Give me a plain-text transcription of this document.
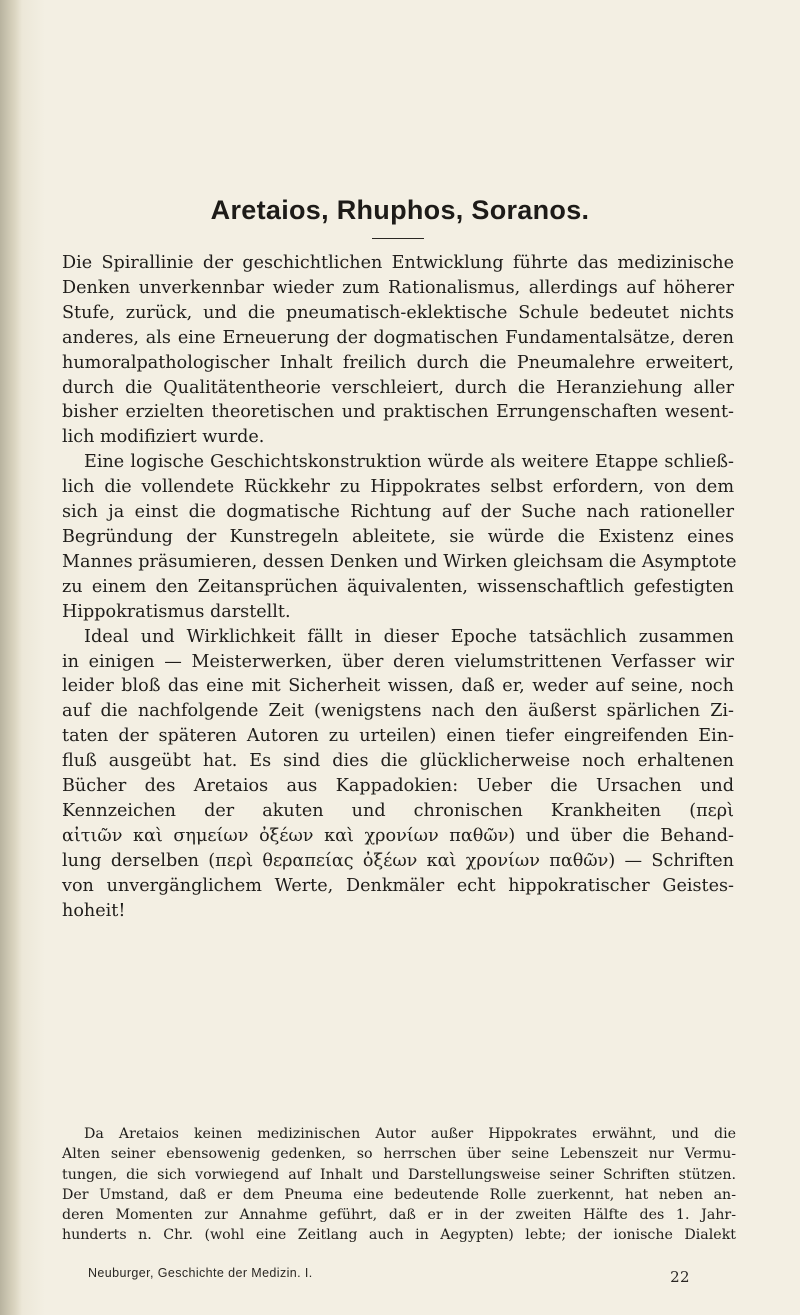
Aretaios, Rhuphos, Soranos.
Die Spirallinie der geschichtlichen Entwicklung führte das medizinische
Denken unverkennbar wieder zum Rationalismus, allerdings auf höherer
Stufe, zurück, und die pneumatisch-eklektische Schule bedeutet nichts
anderes, als eine Erneuerung der dogmatischen Fundamentalsätze, deren
humoralpathologischer Inhalt freilich durch die Pneumalehre erweitert,
durch die Qualitätentheorie verschleiert, durch die Heranziehung aller
bisher erzielten theoretischen und praktischen Errungenschaften wesent-
lich modifiziert wurde.
Eine logische Geschichtskonstruktion würde als weitere Etappe schließ-
lich die vollendete Rückkehr zu Hippokrates selbst erfordern, von dem
sich ja einst die dogmatische Richtung auf der Suche nach rationeller
Begründung der Kunstregeln ableitete, sie würde die Existenz eines
Mannes präsumieren, dessen Denken und Wirken gleichsam die Asymptote
zu einem den Zeitansprüchen äquivalenten, wissenschaftlich gefestigten
Hippokratismus darstellt.
Ideal und Wirklichkeit fällt in dieser Epoche tatsächlich zusammen
in einigen — Meisterwerken, über deren vielumstrittenen Verfasser wir
leider bloß das eine mit Sicherheit wissen, daß er, weder auf seine, noch
auf die nachfolgende Zeit (wenigstens nach den äußerst spärlichen Zi-
taten der späteren Autoren zu urteilen) einen tiefer eingreifenden Ein-
fluß ausgeübt hat. Es sind dies die glücklicherweise noch erhaltenen
Bücher des Aretaios aus Kappadokien: Ueber die Ursachen und
Kennzeichen der akuten und chronischen Krankheiten (περὶ
αἰτιῶν καὶ σημείων ὀξέων καὶ χρονίων παθῶν) und über die Behand-
lung derselben (περὶ θεραπείας ὀξέων καὶ χρονίων παθῶν) — Schriften
von unvergänglichem Werte, Denkmäler echt hippokratischer Geistes-
hoheit!
Da Aretaios keinen medizinischen Autor außer Hippokrates erwähnt, und die
Alten seiner ebensowenig gedenken, so herrschen über seine Lebenszeit nur Vermu-
tungen, die sich vorwiegend auf Inhalt und Darstellungsweise seiner Schriften stützen.
Der Umstand, daß er dem Pneuma eine bedeutende Rolle zuerkennt, hat neben an-
deren Momenten zur Annahme geführt, daß er in der zweiten Hälfte des 1. Jahr-
hunderts n. Chr. (wohl eine Zeitlang auch in Aegypten) lebte; der ionische Dialekt
Neuburger, Geschichte der Medizin. I.	22
